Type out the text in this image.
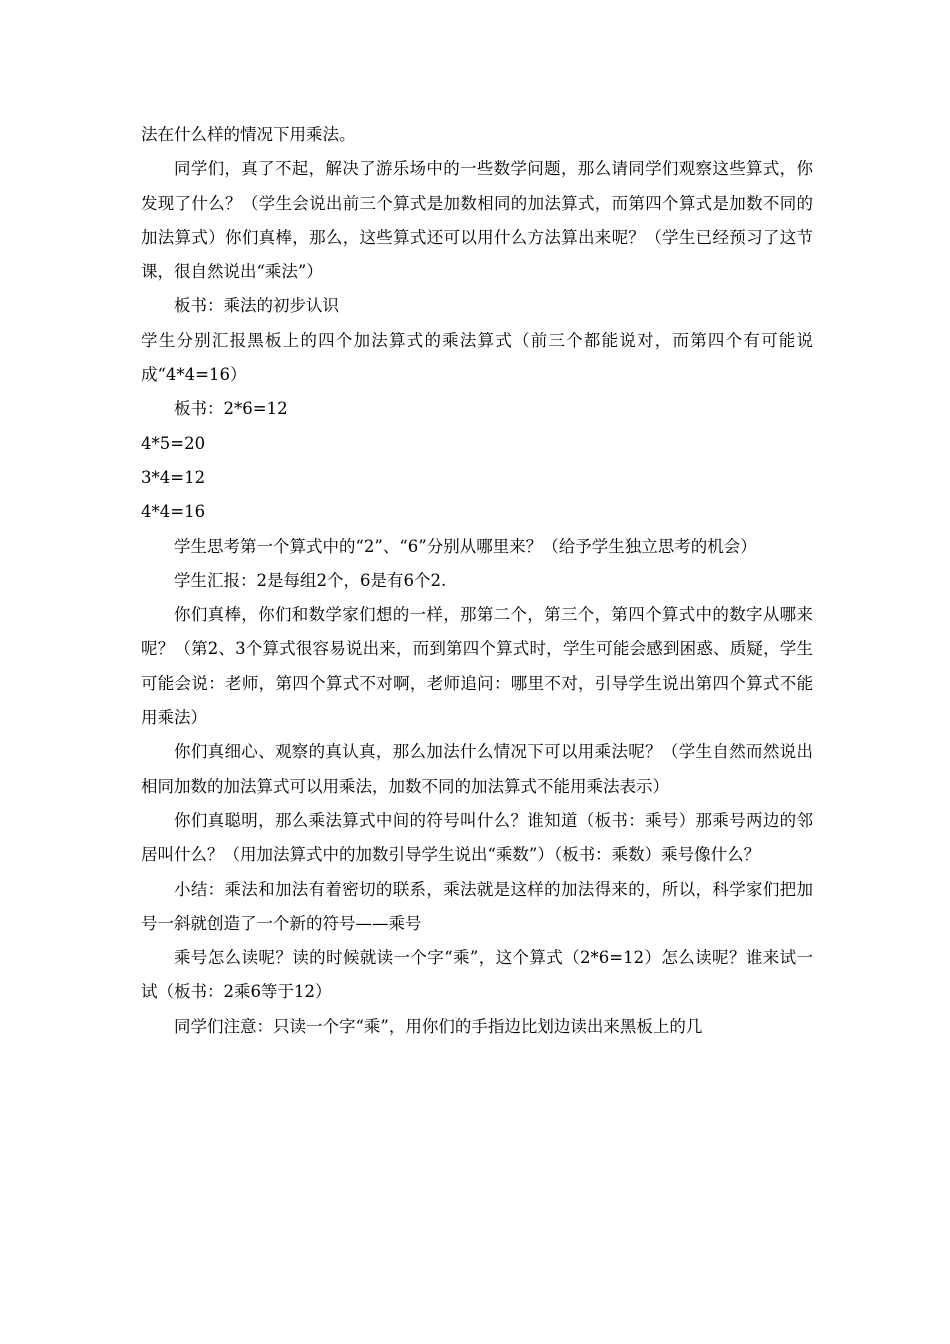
法在什么样的情况下用乘法。

同学们，真了不起，解决了游乐场中的一些数学问题，那么请同学们观察这些算式，你发现了什么？（学生会说出前三个算式是加数相同的加法算式，而第四个算式是加数不同的加法算式）你们真棒，那么，这些算式还可以用什么方法算出来呢？（学生已经预习了这节课，很自然说出“乘法”）

板书：乘法的初步认识

学生分别汇报黑板上的四个加法算式的乘法算式（前三个都能说对，而第四个有可能说成“4*4=16）

板书：2*6=12

4*5=20

3*4=12

4*4=16

学生思考第一个算式中的“2”、“6”分别从哪里来？（给予学生独立思考的机会）

学生汇报：2是每组2个，6是有6个2.

你们真棒，你们和数学家们想的一样，那第二个，第三个，第四个算式中的数字从哪来呢？（第2、3个算式很容易说出来，而到第四个算式时，学生可能会感到困惑、质疑，学生可能会说：老师，第四个算式不对啊，老师追问：哪里不对，引导学生说出第四个算式不能用乘法）

你们真细心、观察的真认真，那么加法什么情况下可以用乘法呢？（学生自然而然说出相同加数的加法算式可以用乘法，加数不同的加法算式不能用乘法表示）

你们真聪明，那么乘法算式中间的符号叫什么？谁知道（板书：乘号）那乘号两边的邻居叫什么？（用加法算式中的加数引导学生说出“乘数”）（板书：乘数）乘号像什么？

小结：乘法和加法有着密切的联系，乘法就是这样的加法得来的，所以，科学家们把加号一斜就创造了一个新的符号——乘号

乘号怎么读呢？读的时候就读一个字“乘”，这个算式（2*6=12）怎么读呢？谁来试一试（板书：2乘6等于12）

同学们注意：只读一个字“乘”，用你们的手指边比划边读出来黑板上的几
